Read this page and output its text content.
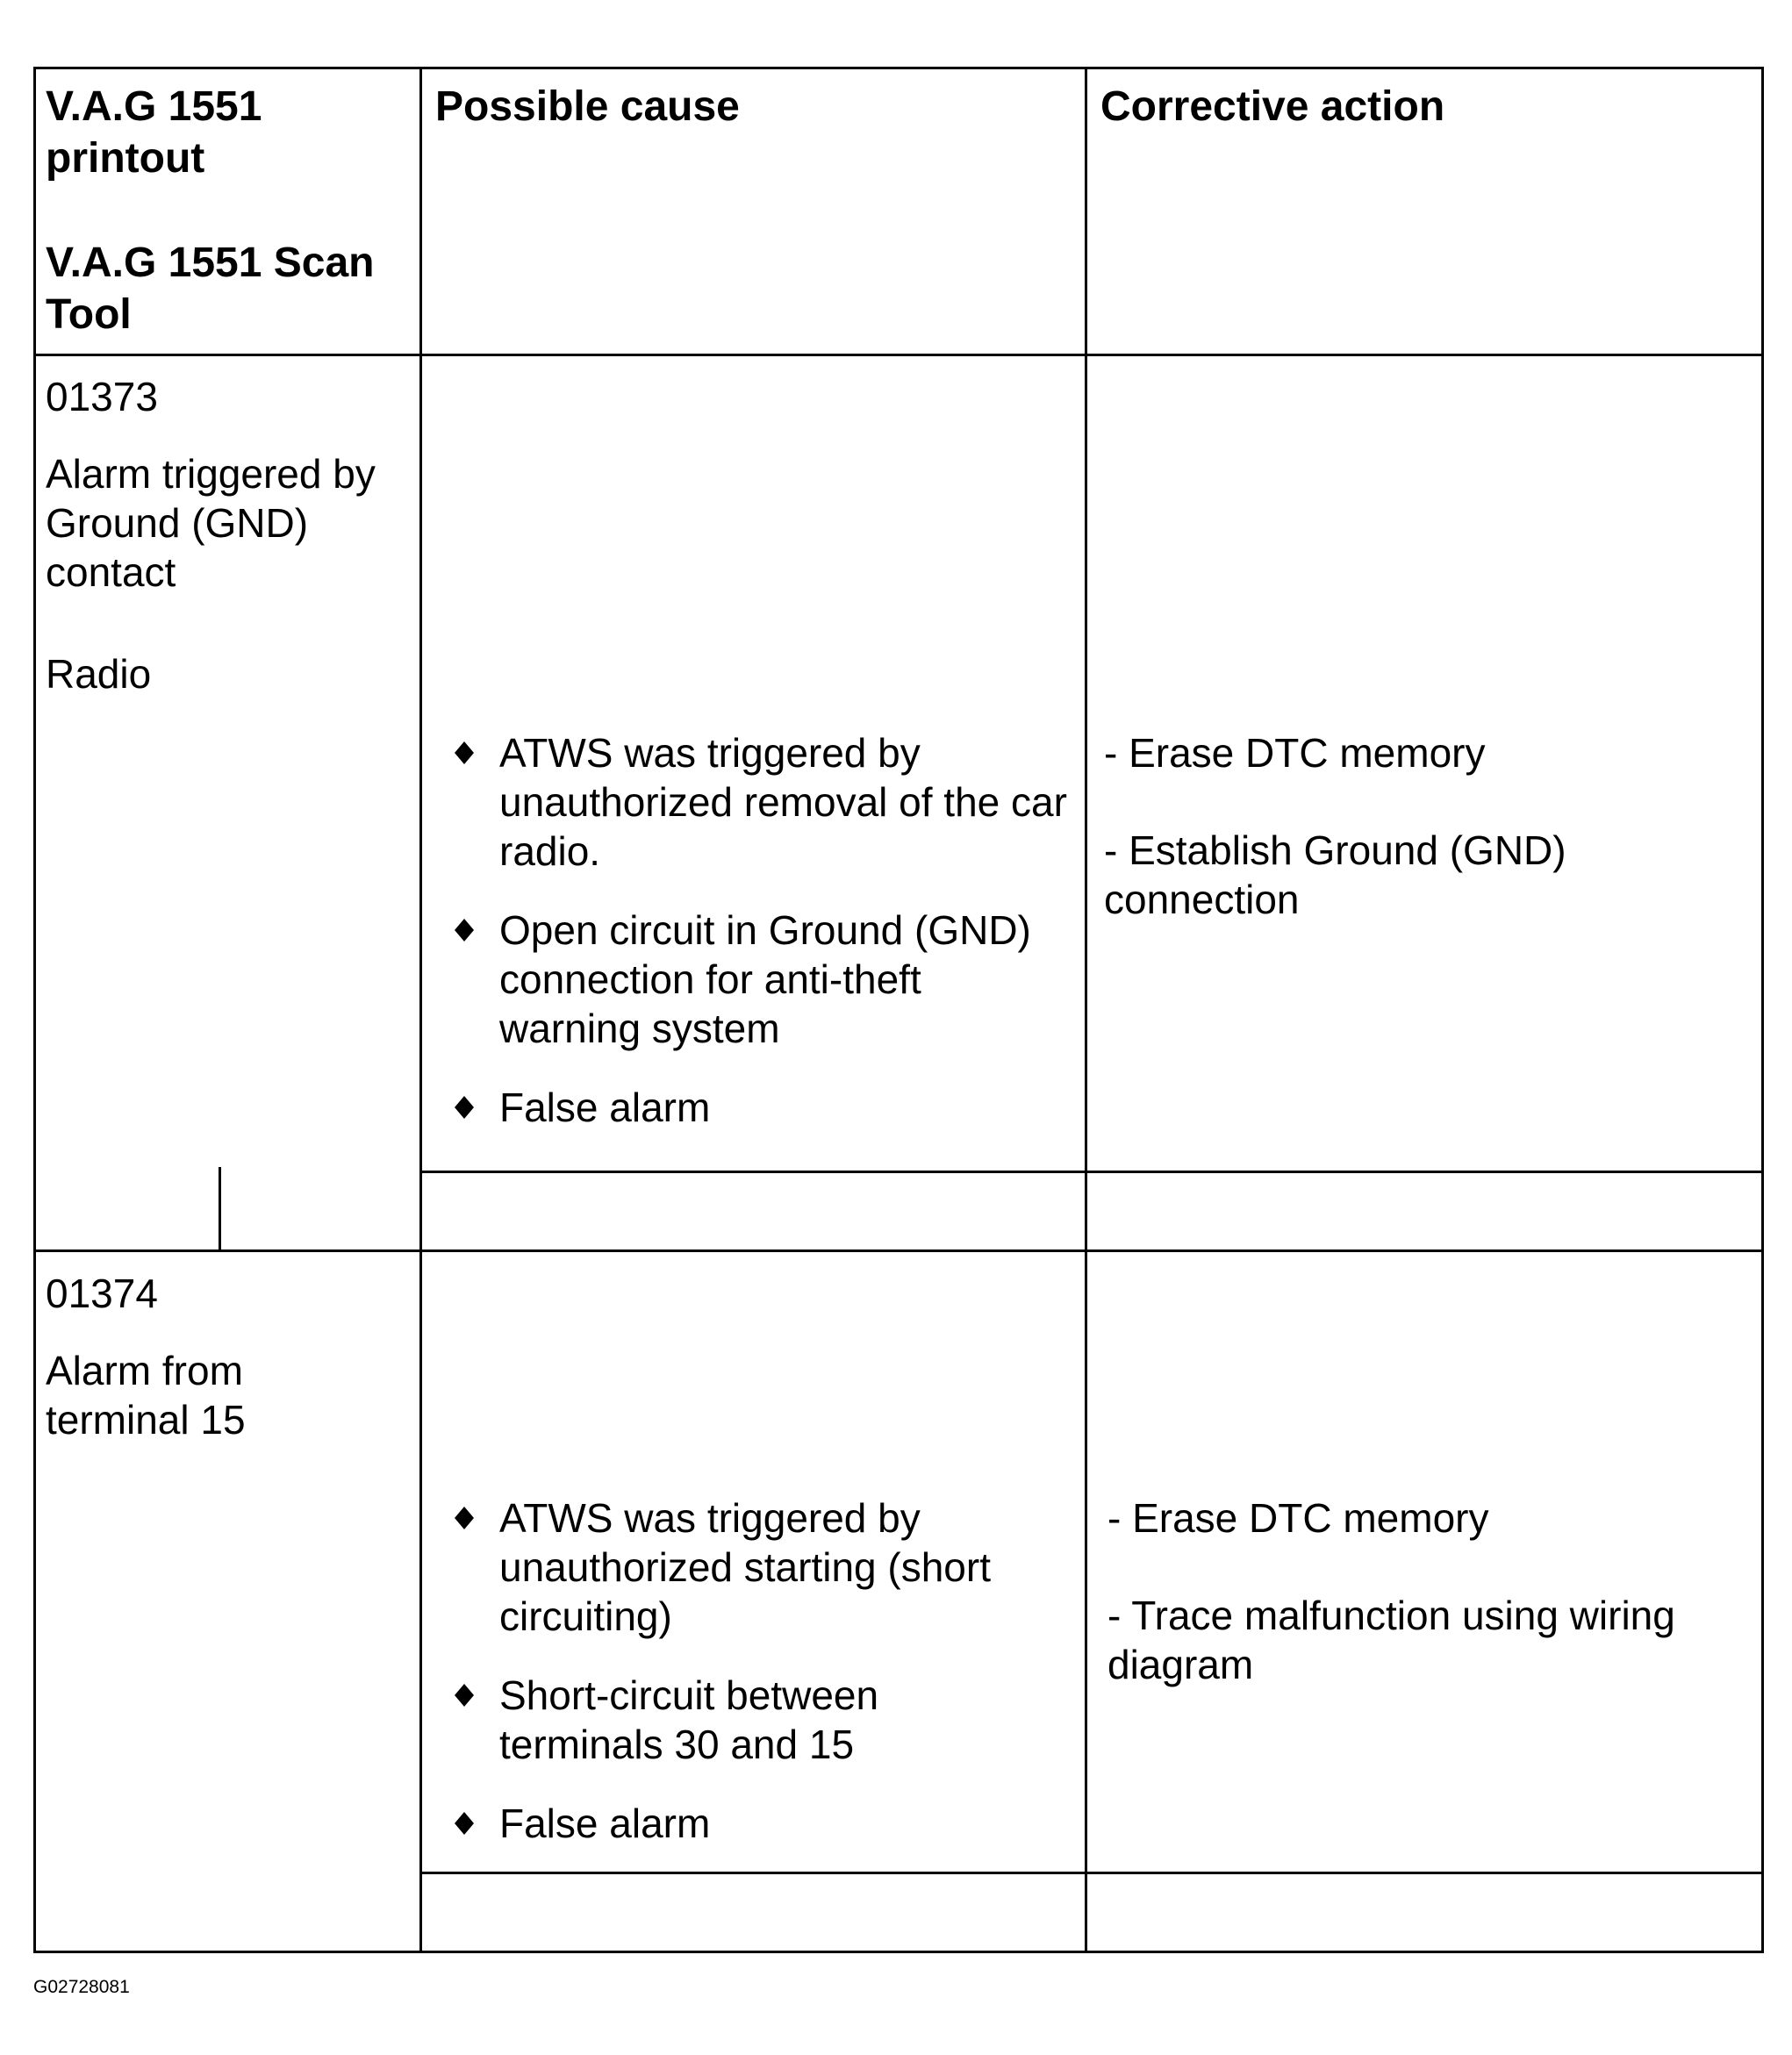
V.A.G 1551 printout
V.A.G 1551 Scan Tool
Possible cause	Corrective action
01373
Alarm triggered by Ground (GND) contact
Radio
ATWS was triggered by unauthorized removal of the car radio.
Open circuit in Ground (GND) connection for anti-theft warning system
False alarm
- Erase DTC memory
- Establish Ground (GND) connection
01374
Alarm from terminal 15
ATWS was triggered by unauthorized starting (short circuiting)
Short-circuit between terminals 30 and 15
False alarm
- Erase DTC memory
- Trace malfunction using wiring diagram
G02728081
